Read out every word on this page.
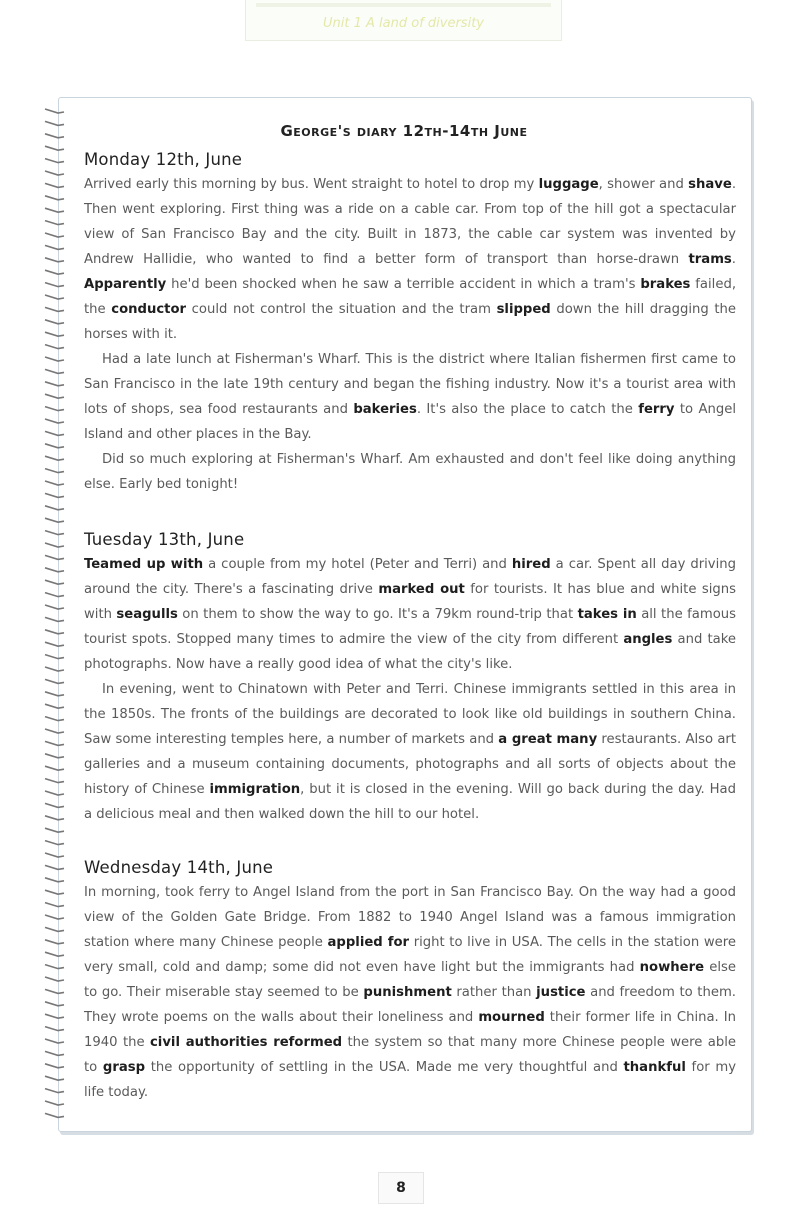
Unit 1 A land of diversity
George's diary 12th-14th June
Monday 12th, June

Arrived early this morning by bus. Went straight to hotel to drop my luggage, shower and shave. Then went exploring. First thing was a ride on a cable car. From top of the hill got a spectacular view of San Francisco Bay and the city. Built in 1873, the cable car system was invented by Andrew Hallidie, who wanted to find a better form of transport than horse-drawn trams. Apparently he'd been shocked when he saw a terrible accident in which a tram's brakes failed, the conductor could not control the situation and the tram slipped down the hill dragging the horses with it.

Had a late lunch at Fisherman's Wharf. This is the district where Italian fishermen first came to San Francisco in the late 19th century and began the fishing industry. Now it's a tourist area with lots of shops, sea food restaurants and bakeries. It's also the place to catch the ferry to Angel Island and other places in the Bay.

Did so much exploring at Fisherman's Wharf. Am exhausted and don't feel like doing anything else. Early bed tonight!

Tuesday 13th, June

Teamed up with a couple from my hotel (Peter and Terri) and hired a car. Spent all day driving around the city. There's a fascinating drive marked out for tourists. It has blue and white signs with seagulls on them to show the way to go. It's a 79km round-trip that takes in all the famous tourist spots. Stopped many times to admire the view of the city from different angles and take photographs. Now have a really good idea of what the city's like.

In evening, went to Chinatown with Peter and Terri. Chinese immigrants settled in this area in the 1850s. The fronts of the buildings are decorated to look like old buildings in southern China. Saw some interesting temples here, a number of markets and a great many restaurants. Also art galleries and a museum containing documents, photographs and all sorts of objects about the history of Chinese immigration, but it is closed in the evening. Will go back during the day. Had a delicious meal and then walked down the hill to our hotel.

Wednesday 14th, June

In morning, took ferry to Angel Island from the port in San Francisco Bay. On the way had a good view of the Golden Gate Bridge. From 1882 to 1940 Angel Island was a famous immigration station where many Chinese people applied for right to live in USA. The cells in the station were very small, cold and damp; some did not even have light but the immigrants had nowhere else to go. Their miserable stay seemed to be punishment rather than justice and freedom to them. They wrote poems on the walls about their loneliness and mourned their former life in China. In 1940 the civil authorities reformed the system so that many more Chinese people were able to grasp the opportunity of settling in the USA. Made me very thoughtful and thankful for my life today.

8
